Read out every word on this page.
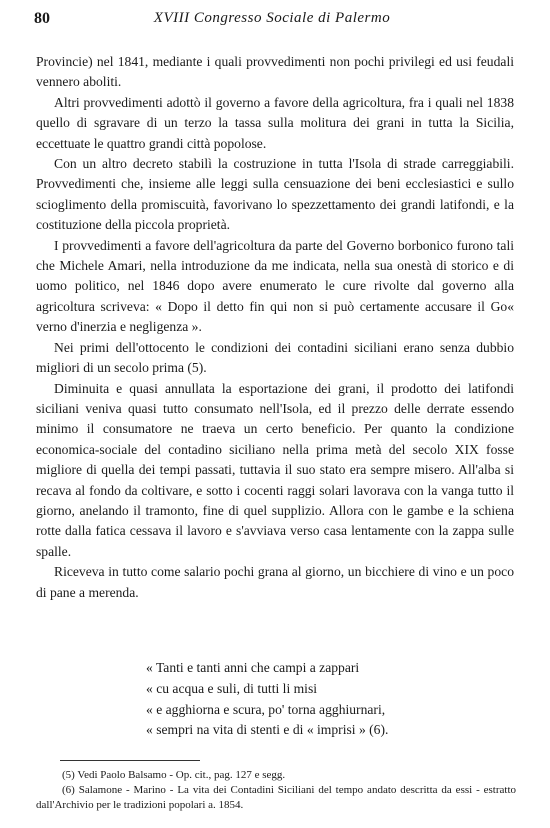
80	XVIII Congresso Sociale di Palermo

Provincie) nel 1841, mediante i quali provvedimenti non pochi privilegi ed usi feudali vennero aboliti.

Altri provvedimenti adottò il governo a favore della agricoltura, fra i quali nel 1838 quello di sgravare di un terzo la tassa sulla molitura dei grani in tutta la Sicilia, eccettuate le quattro grandi città popolose.

Con un altro decreto stabilì la costruzione in tutta l'Isola di strade carreggiabili. Provvedimenti che, insieme alle leggi sulla censuazione dei beni ecclesiastici e sullo scioglimento della promiscuità, favorivano lo spezzettamento dei grandi latifondi, e la costituzione della piccola proprietà.

I provvedimenti a favore dell'agricoltura da parte del Governo borbonico furono tali che Michele Amari, nella introduzione da me indicata, nella sua onestà di storico e di uomo politico, nel 1846 dopo avere enumerato le cure rivolte dal governo alla agricoltura scriveva: « Dopo il detto fin qui non si può certamente accusare il Go« verno d'inerzia e negligenza ».

Nei primi dell'ottocento le condizioni dei contadini siciliani erano senza dubbio migliori di un secolo prima (5).

Diminuita e quasi annullata la esportazione dei grani, il prodotto dei latifondi siciliani veniva quasi tutto consumato nell'Isola, ed il prezzo delle derrate essendo minimo il consumatore ne traeva un certo beneficio. Per quanto la condizione economica-sociale del contadino siciliano nella prima metà del secolo XIX fosse migliore di quella dei tempi passati, tuttavia il suo stato era sempre misero. All'alba si recava al fondo da coltivare, e sotto i cocenti raggi solari lavorava con la vanga tutto il giorno, anelando il tramonto, fine di quel supplizio. Allora con le gambe e la schiena rotte dalla fatica cessava il lavoro e s'avviava verso casa lentamente con la zappa sulle spalle.

Riceveva in tutto come salario pochi grana al giorno, un bicchiere di vino e un poco di pane a merenda.

« Tanti e tanti anni che campi a zappari
« cu acqua e suli, di tutti li misi
« e agghiorna e scura, po' torna agghiurnari,
« sempri na vita di stenti e di « imprisi » (6).

(5) Vedi Paolo Balsamo - Op. cit., pag. 127 e segg.

(6) Salamone - Marino - La vita dei Contadini Siciliani del tempo andato descritta da essi - estratto dall'Archivio per le tradizioni popolari a. 1854.
